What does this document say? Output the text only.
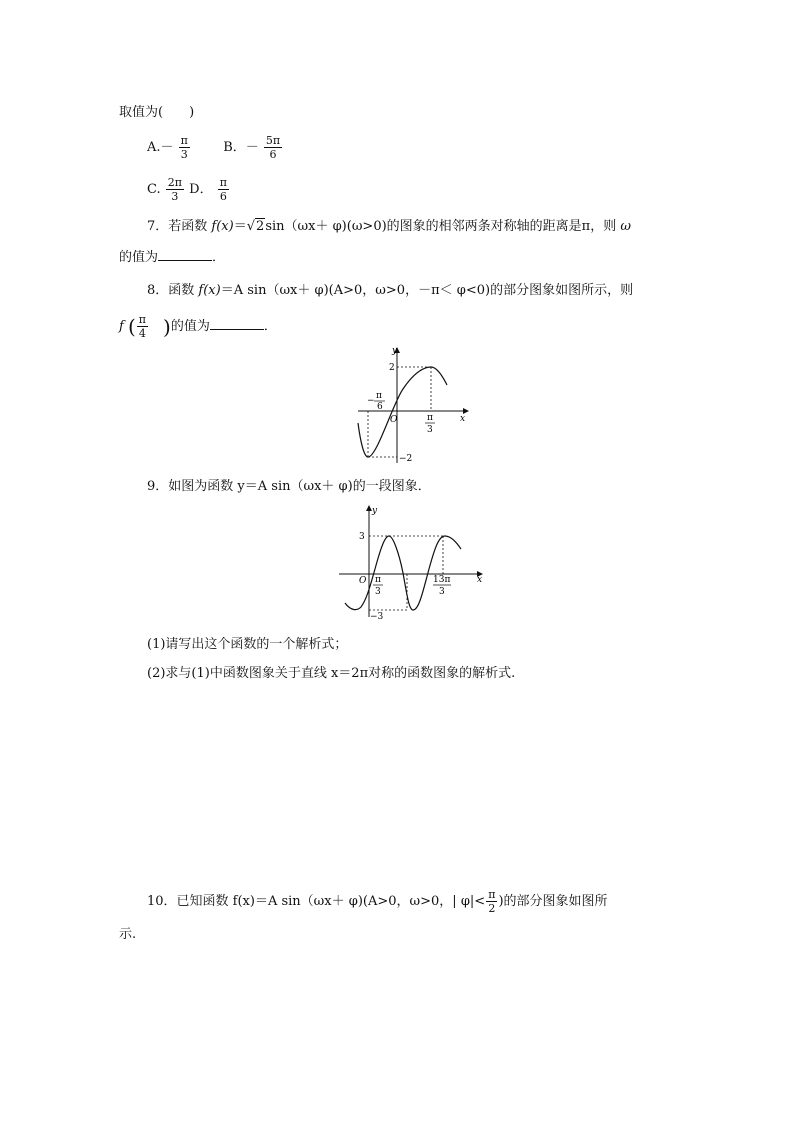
取值为(　　)
$A.- \frac{\pi}{3}$	B．－ $\frac{5\pi}{6}$
C. $\frac{2\pi}{3}$ D． $\frac{\pi}{6}$
7．若函数 f(x)＝√2sin（ωx＋ φ)(ω>0)的图象的相邻两条对称轴的距离是π，则 ω
的值为	．
8．函数 f(x)＝A sin（ωx＋ φ)(A>0，ω>0，－π＜ φ<0)的部分图象如图所示，则
f ( $\frac{\pi}{4}$ )的值为	．
y
x
O
2
−2
− π
6
π
3
9．如图为函数 y＝A sin（ωx＋ φ)的一段图象．
y
x
O
3
−3
π
3
13π
3
(1)请写出这个函数的一个解析式；
(2)求与(1)中函数图象关于直线 x＝2π对称的函数图象的解析式.
10．已知函数 f(x)＝A sin（ωx＋ φ)(A>0，ω>0，| $\varphi|< \frac{\pi}{2}$ )的部分图象如图所
示.
